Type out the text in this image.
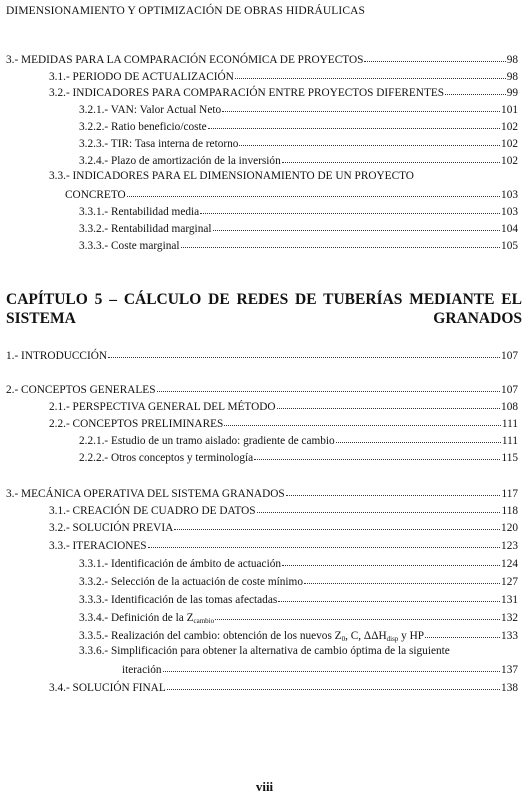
DIMENSIONAMIENTO Y OPTIMIZACIÓN DE OBRAS HIDRÁULICAS
3.- MEDIDAS PARA LA COMPARACIÓN ECONÓMICA DE PROYECTOS	98
3.1.- PERIODO DE ACTUALIZACIÓN	98
3.2.- INDICADORES PARA COMPARACIÓN ENTRE PROYECTOS DIFERENTES	99
3.2.1.- VAN: Valor Actual Neto	101
3.2.2.- Ratio beneficio/coste	102
3.2.3.- TIR: Tasa interna de retorno	102
3.2.4.- Plazo de amortización de la inversión	102
3.3.- INDICADORES PARA EL DIMENSIONAMIENTO DE UN PROYECTO
CONCRETO	103
3.3.1.- Rentabilidad media	103
3.3.2.- Rentabilidad marginal	104
3.3.3.- Coste marginal	105
CAPÍTULO 5 – CÁLCULO DE REDES DE TUBERÍAS MEDIANTE EL SISTEMA GRANADOS
1.- INTRODUCCIÓN	107
2.- CONCEPTOS GENERALES	107
2.1.- PERSPECTIVA GENERAL DEL MÉTODO	108
2.2.- CONCEPTOS PRELIMINARES	111
2.2.1.- Estudio de un tramo aislado: gradiente de cambio	111
2.2.2.- Otros conceptos y terminología	115
3.- MECÁNICA OPERATIVA DEL SISTEMA GRANADOS	117
3.1.- CREACIÓN DE CUADRO DE DATOS	118
3.2.- SOLUCIÓN PREVIA	120
3.3.- ITERACIONES	123
3.3.1.- Identificación de ámbito de actuación	124
3.3.2.- Selección de la actuación de coste mínimo	127
3.3.3.- Identificación de las tomas afectadas	131
3.3.4.- Definición de la $Z_{cambio}$	132
3.3.5.- Realización del cambio: obtención de los nuevos $Z_0$, C, $\Delta\Delta H_{disp}$ y HP	133
3.3.6.- Simplificación para obtener la alternativa de cambio óptima de la siguiente
iteración	137
3.4.- SOLUCIÓN FINAL	138
viii
